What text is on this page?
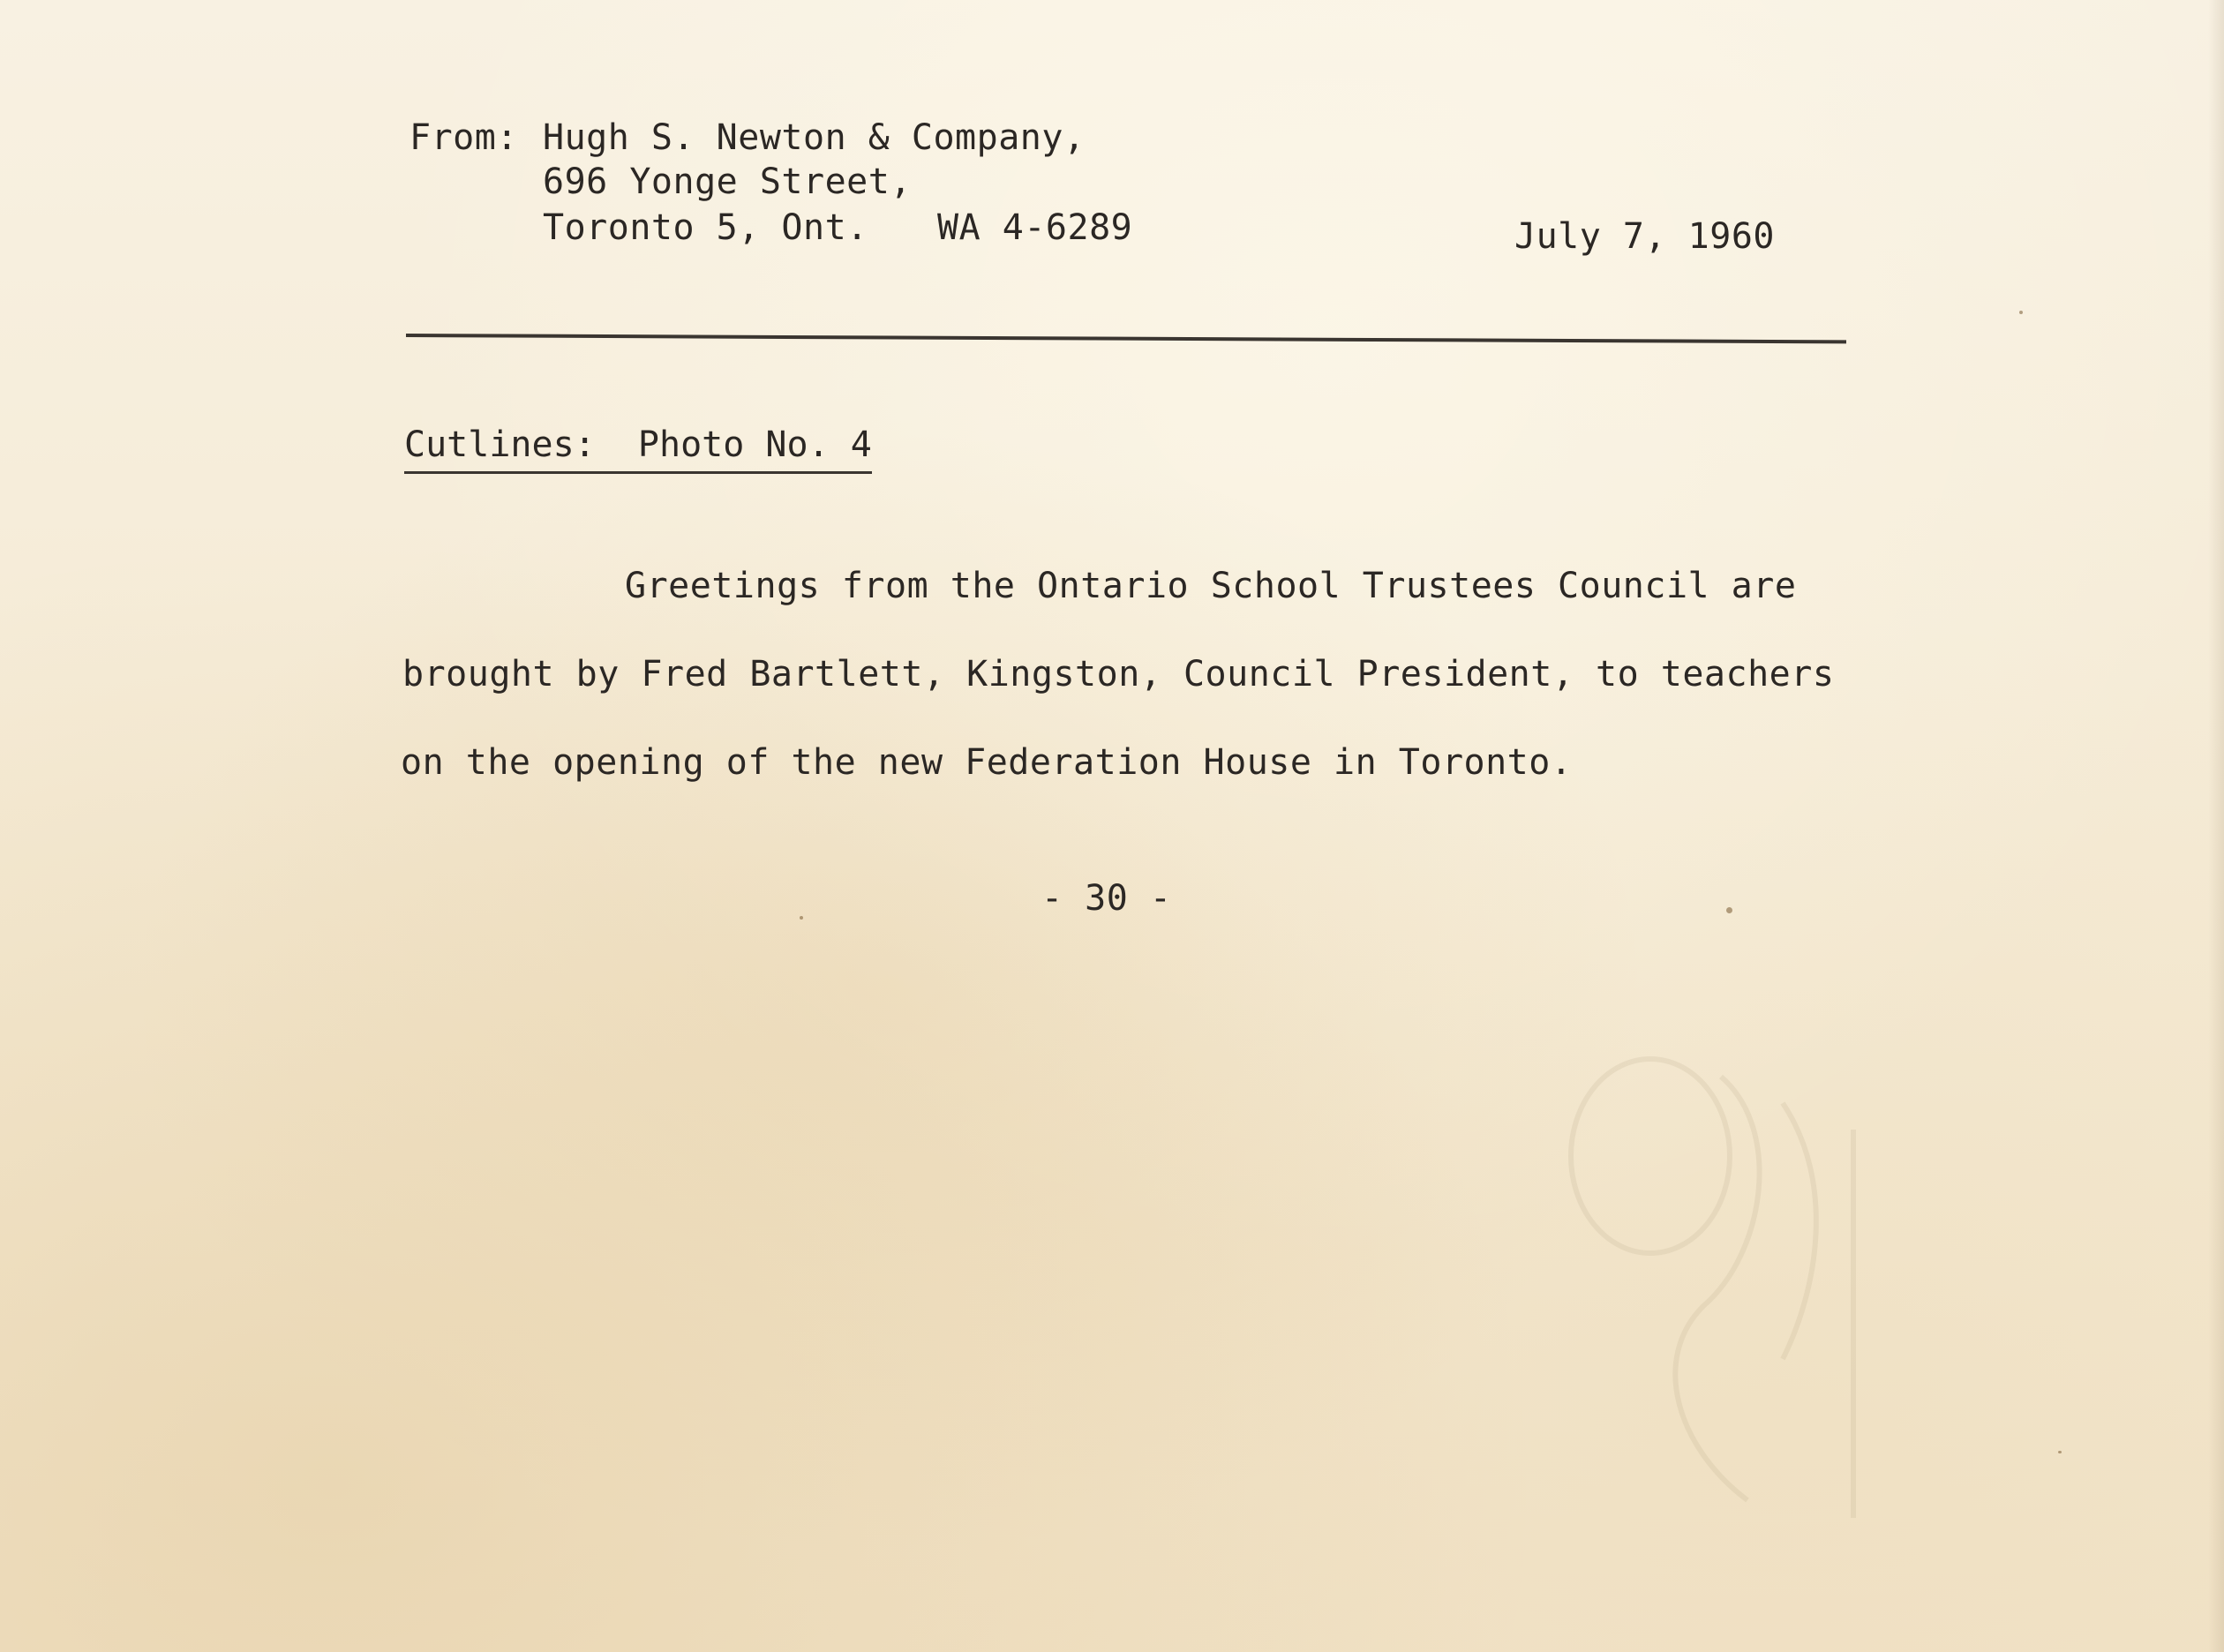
From: Hugh S. Newton & Company,
696 Yonge Street,
Toronto 5, Ont. WA 4-6289	July 7, 1960
Cutlines:  Photo No. 4
Greetings from the Ontario School Trustees Council are
brought by Fred Bartlett, Kingston, Council President, to teachers
on the opening of the new Federation House in Toronto.
- 30 -
